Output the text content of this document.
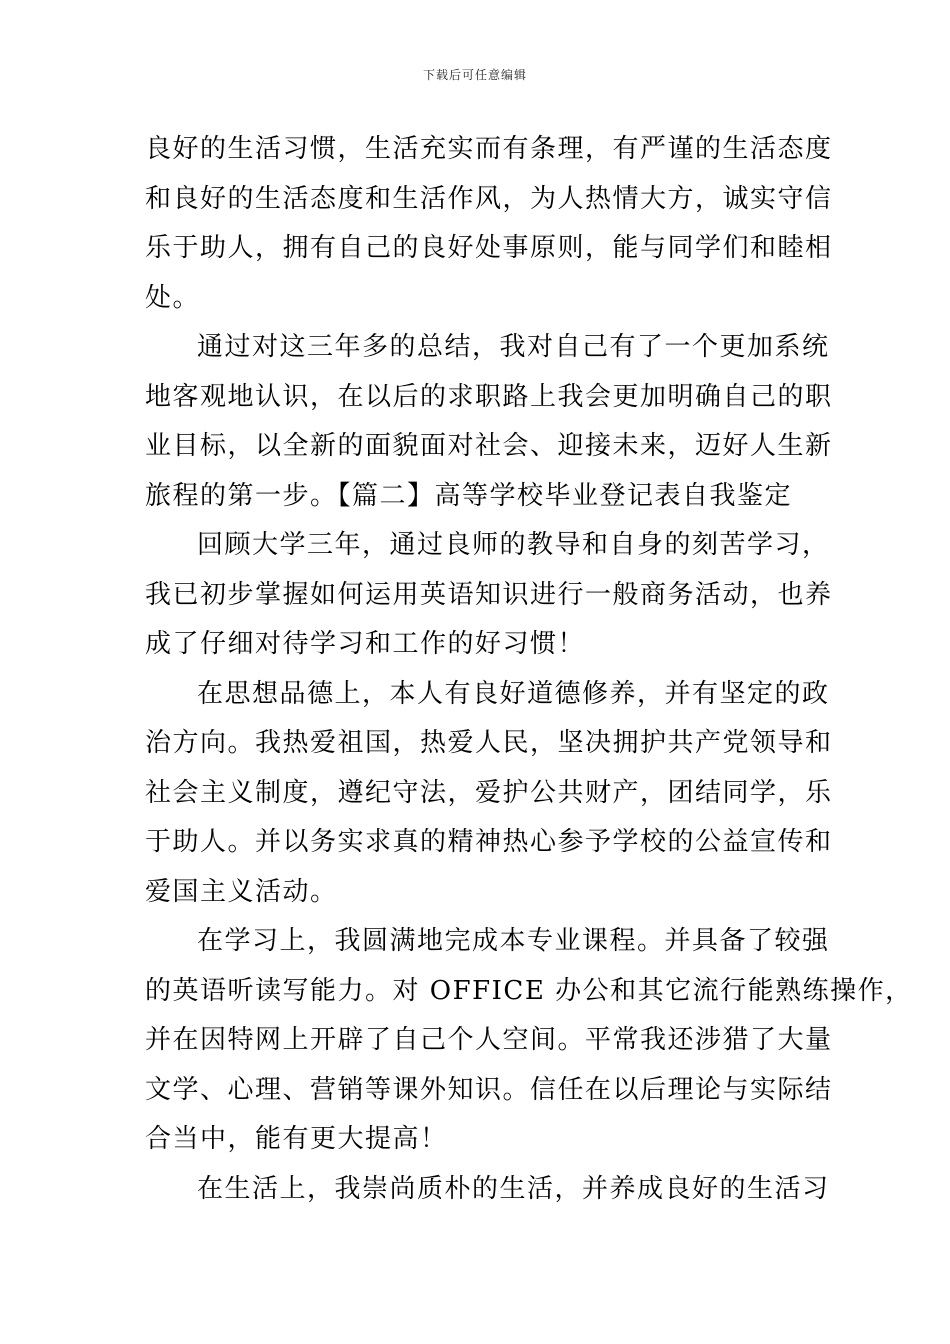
下载后可任意编辑
良好的生活习惯，生活充实而有条理，有严谨的生活态度
和良好的生活态度和生活作风，为人热情大方，诚实守信
乐于助人，拥有自己的良好处事原则，能与同学们和睦相
处。
通过对这三年多的总结，我对自己有了一个更加系统
地客观地认识，在以后的求职路上我会更加明确自己的职
业目标，以全新的面貌面对社会、迎接未来，迈好人生新
旅程的第一步。【篇二】高等学校毕业登记表自我鉴定
回顾大学三年，通过良师的教导和自身的刻苦学习，
我已初步掌握如何运用英语知识进行一般商务活动，也养
成了仔细对待学习和工作的好习惯！
在思想品德上，本人有良好道德修养，并有坚定的政
治方向。我热爱祖国，热爱人民，坚决拥护共产党领导和
社会主义制度，遵纪守法，爱护公共财产，团结同学，乐
于助人。并以务实求真的精神热心参予学校的公益宣传和
爱国主义活动。
在学习上，我圆满地完成本专业课程。并具备了较强
的英语听读写能力。对 OFFICE 办公和其它流行能熟练操作，
并在因特网上开辟了自己个人空间。平常我还涉猎了大量
文学、心理、营销等课外知识。信任在以后理论与实际结
合当中，能有更大提高！
在生活上，我崇尚质朴的生活，并养成良好的生活习
